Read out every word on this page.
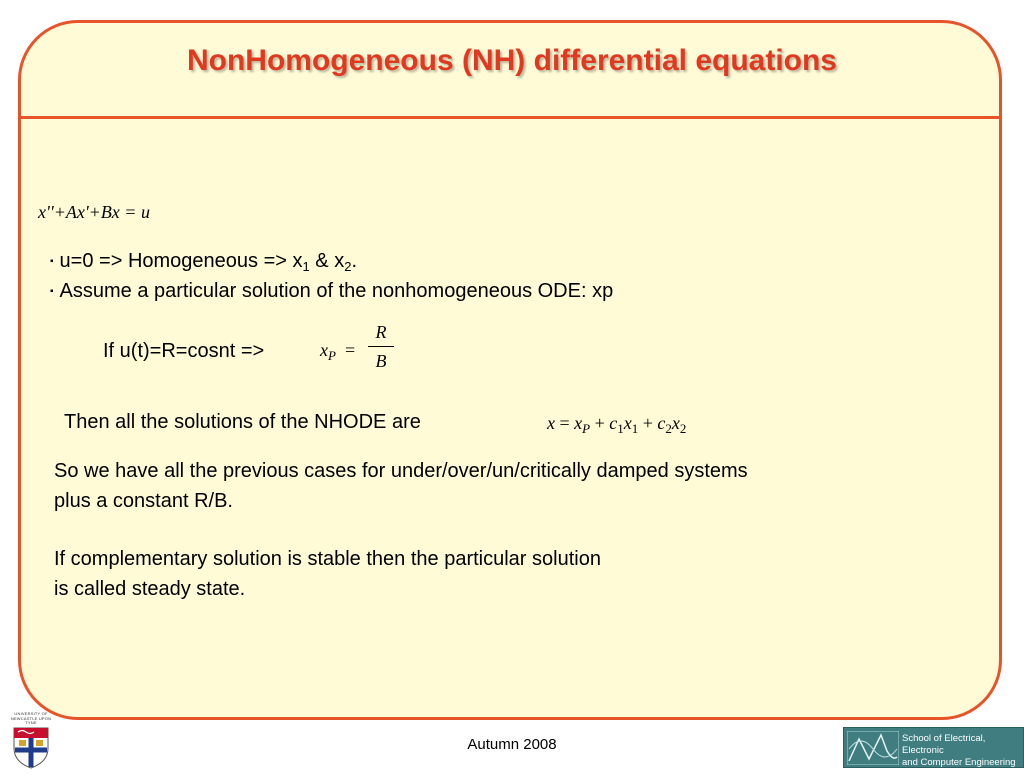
NonHomogeneous (NH) differential equations
x''+Ax'+Bx = u
▪ u=0 => Homogeneous => $x_1$ & $x_2$.
▪ Assume a particular solution of the nonhomogeneous ODE: xp
If u(t)=R=cosnt =>	$x_P$ =
R
B
Then all the solutions of the NHODE are	$x = x_P + c_1x_1 + c_2x_2$
So we have all the previous cases for under/over/un/critically damped systems
plus a constant R/B.
If complementary solution is stable then the particular solution
is called steady state.
UNIVERSITY OF
NEWCASTLE UPON TYNE
Autumn 2008	School of Electrical, Electronic
and Computer Engineering
